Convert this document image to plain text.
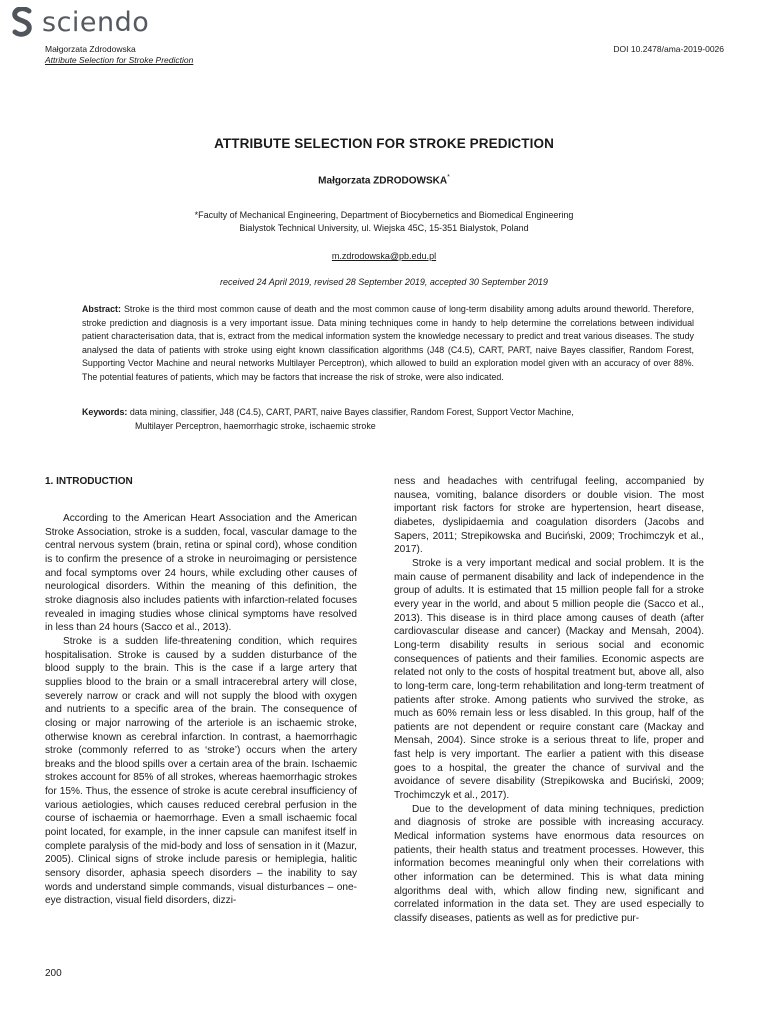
sciendo
Małgorzata Zdrodowska
Attribute Selection for Stroke Prediction
DOI 10.2478/ama-2019-0026
ATTRIBUTE SELECTION FOR STROKE PREDICTION
Małgorzata ZDRODOWSKA*
*Faculty of Mechanical Engineering, Department of Biocybernetics and Biomedical Engineering
Bialystok Technical University, ul. Wiejska 45C, 15-351 Bialystok, Poland
m.zdrodowska@pb.edu.pl
received 24 April 2019, revised 28 September 2019, accepted 30 September 2019
Abstract: Stroke is the third most common cause of death and the most common cause of long-term disability among adults around theworld. Therefore, stroke prediction and diagnosis is a very important issue. Data mining techniques come in handy to help determine the correlations between individual patient characterisation data, that is, extract from the medical information system the knowledge necessary to predict and treat various diseases. The study analysed the data of patients with stroke using eight known classification algorithms (J48 (C4.5), CART, PART, naive Bayes classifier, Random Forest, Supporting Vector Machine and neural networks Multilayer Perceptron), which allowed to build an exploration model given with an accuracy of over 88%. The potential features of patients, which may be factors that increase the risk of stroke, were also indicated.
Keywords: data mining, classifier, J48 (C4.5), CART, PART, naive Bayes classifier, Random Forest, Support Vector Machine,
Multilayer Perceptron, haemorrhagic stroke, ischaemic stroke
1. INTRODUCTION

According to the American Heart Association and the American Stroke Association, stroke is a sudden, focal, vascular damage to the central nervous system (brain, retina or spinal cord), whose condition is to confirm the presence of a stroke in neuroimaging or persistence and focal symptoms over 24 hours, while excluding other causes of neurological disorders. Within the meaning of this definition, the stroke diagnosis also includes patients with infarction-related focuses revealed in imaging studies whose clinical symptoms have resolved in less than 24 hours (Sacco et al., 2013).

Stroke is a sudden life-threatening condition, which requires hospitalisation. Stroke is caused by a sudden disturbance of the blood supply to the brain. This is the case if a large artery that supplies blood to the brain or a small intracerebral artery will close, severely narrow or crack and will not supply the blood with oxygen and nutrients to a specific area of the brain. The consequence of closing or major narrowing of the arteriole is an ischaemic stroke, otherwise known as cerebral infarction. In contrast, a haemorrhagic stroke (commonly referred to as ‘stroke’) occurs when the artery breaks and the blood spills over a certain area of the brain. Ischaemic strokes account for 85% of all strokes, whereas haemorrhagic strokes for 15%. Thus, the essence of stroke is acute cerebral insufficiency of various aetiologies, which causes reduced cerebral perfusion in the course of ischaemia or haemorrhage. Even a small ischaemic focal point located, for example, in the inner capsule can manifest itself in complete paralysis of the mid-body and loss of sensation in it (Mazur, 2005). Clinical signs of stroke include paresis or hemiplegia, halitic sensory disorder, aphasia speech disorders – the inability to say words and understand simple commands, visual disturbances – one-eye distraction, visual field disorders, dizzi-

ness and headaches with centrifugal feeling, accompanied by nausea, vomiting, balance disorders or double vision. The most important risk factors for stroke are hypertension, heart disease, diabetes, dyslipidaemia and coagulation disorders (Jacobs and Sapers, 2011; Strepikowska and Buciński, 2009; Trochimczyk et al., 2017).

Stroke is a very important medical and social problem. It is the main cause of permanent disability and lack of independence in the group of adults. It is estimated that 15 million people fall for a stroke every year in the world, and about 5 million people die (Sacco et al., 2013). This disease is in third place among causes of death (after cardiovascular disease and cancer) (Mackay and Mensah, 2004). Long-term disability results in serious social and economic consequences of patients and their families. Economic aspects are related not only to the costs of hospital treatment but, above all, also to long-term care, long-term rehabilitation and long-term treatment of patients after stroke. Among patients who survived the stroke, as much as 60% remain less or less disabled. In this group, half of the patients are not dependent or require constant care (Mackay and Mensah, 2004). Since stroke is a serious threat to life, proper and fast help is very important. The earlier a patient with this disease goes to a hospital, the greater the chance of survival and the avoidance of severe disability (Strepikowska and Buciński, 2009; Trochimczyk et al., 2017).

Due to the development of data mining techniques, prediction and diagnosis of stroke are possible with increasing accuracy. Medical information systems have enormous data resources on patients, their health status and treatment processes. However, this information becomes meaningful only when their correlations with other information can be determined. This is what data mining algorithms deal with, which allow finding new, significant and correlated information in the data set. They are used especially to classify diseases, patients as well as for predictive pur-

200
